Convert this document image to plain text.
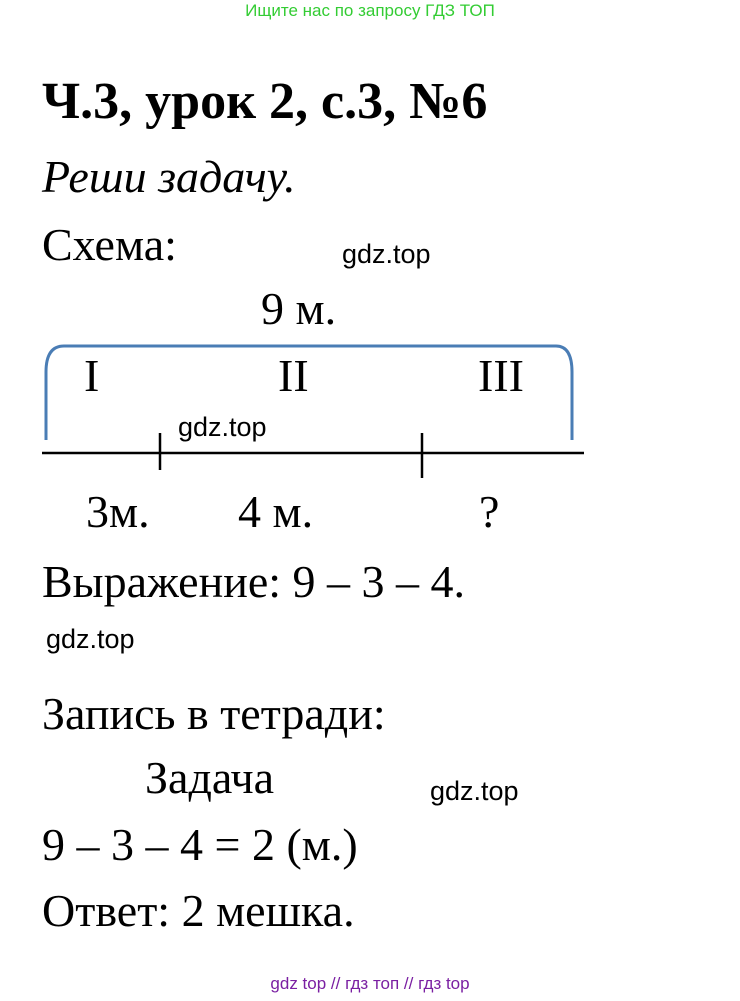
Ищите нас по запросу ГДЗ ТОП
Ч.3, урок 2, с.3, №6
Реши задачу.
Схема:	gdz.top
9 м.
I	II	III
gdz.top
3м. 4 м.	?
Выражение: 9 – 3 – 4.
gdz.top
Запись в тетради:
Задача	gdz.top
9 – 3 – 4 = 2 (м.)
Ответ: 2 мешка.
gdz top // гдз топ // гдз top
